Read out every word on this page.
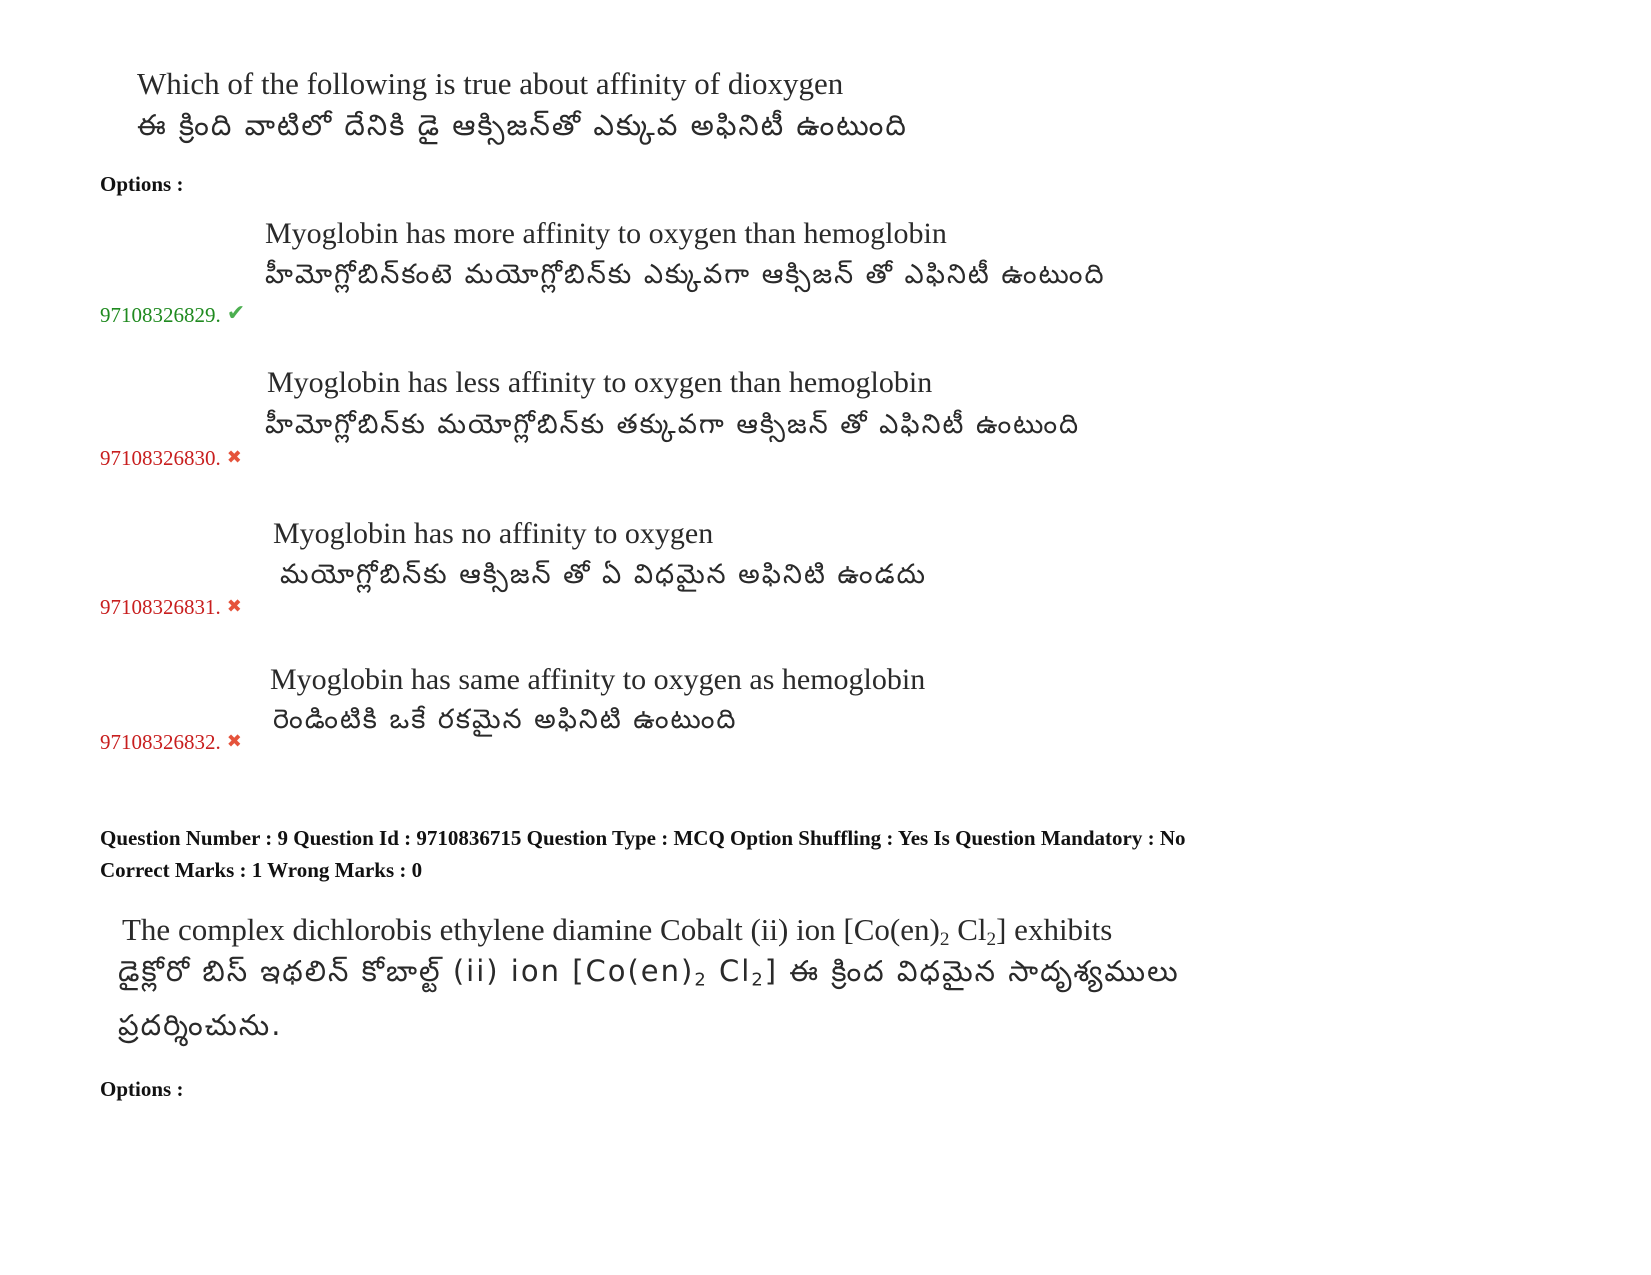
Which of the following is true about affinity of dioxygen
ఈ క్రింది వాటిలో దేనికి డై ఆక్సిజన్‌తో ఎక్కువ అఫినిటీ ఉంటుంది
Options :
Myoglobin has more affinity to oxygen than hemoglobin
హీమోగ్లోబిన్‌కంటె మయోగ్లోబిన్‌కు ఎక్కువగా ఆక్సిజన్ తో ఎఫినిటీ ఉంటుంది
97108326829. ✔
Myoglobin has less affinity to oxygen than hemoglobin
హీమోగ్లోబిన్‌కు మయోగ్లోబిన్‌కు తక్కువగా ఆక్సిజన్ తో ఎఫినిటీ ఉంటుంది
97108326830. ✖
Myoglobin has no affinity to oxygen
మయోగ్లోబిన్‌కు ఆక్సిజన్ తో ఏ విధమైన అఫినిటి ఉండదు
97108326831. ✖
Myoglobin has same affinity to oxygen as hemoglobin
రెండింటికి ఒకే రకమైన అఫినిటి ఉంటుంది
97108326832. ✖
Question Number : 9 Question Id : 9710836715 Question Type : MCQ Option Shuffling : Yes Is Question Mandatory : No
Correct Marks : 1 Wrong Marks : 0
The complex dichlorobis ethylene diamine Cobalt (ii) ion [$Co(en)_2$ $Cl_2$] exhibits
డైక్లోరో బిస్ ఇథలిన్ కోబాల్ట్ (ii) ion [$Co(en)_2$ $Cl_2$] ఈ క్రింద విధమైన సాదృశ్యములు
ప్రదర్శించును.
Options :
